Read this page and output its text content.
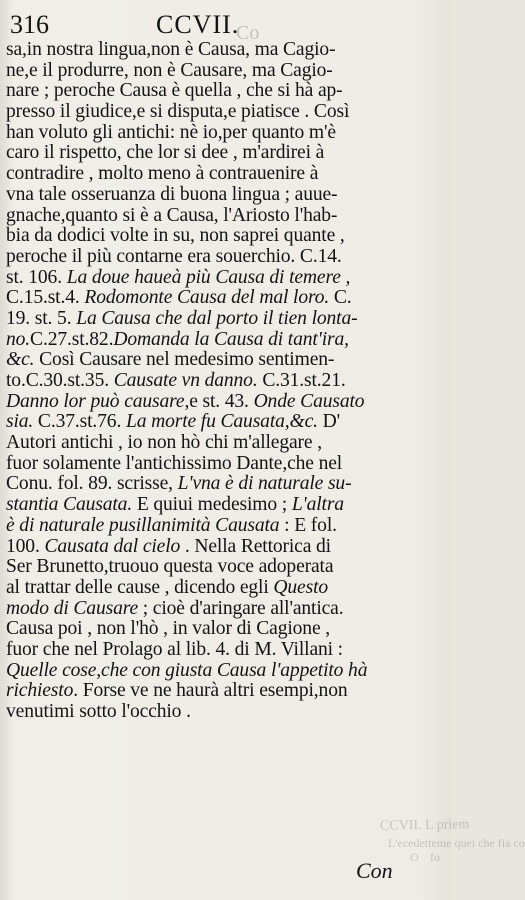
316	CCVII.
Co
sa,in nostra lingua,non è Causa, ma Cagio-
ne,e il produrre, non è Causare, ma Cagio-
nare ; peroche Causa è quella , che si hà ap-
presso il giudice,e si disputa,e piatisce . Così
han voluto gli antichi: nè io,per quanto m'è
caro il rispetto, che lor si dee , m'ardirei à
contradire , molto meno à contrauenire à
vna tale osseruanza di buona lingua ; auue-
gnache,quanto si è a Causa, l'Ariosto l'hab-
bia da dodici volte in su, non saprei quante ,
peroche il più contarne era souerchio. C.14.
st. 106. La doue haueà più Causa di temere ,
C.15.st.4. Rodomonte Causa del mal loro. C.
19. st. 5. La Causa che dal porto il tien lonta-
no.C.27.st.82.Domanda la Causa di tant'ira,
&c. Così Causare nel medesimo sentimen-
to.C.30.st.35. Causate vn danno. C.31.st.21.
Danno lor può causare,e st. 43. Onde Causato
sia. C.37.st.76. La morte fu Causata,&c. D'
Autori antichi , io non hò chi m'allegare ,
fuor solamente l'antichissimo Dante,che nel
Conu. fol. 89. scrisse, L'vna è di naturale su-
stantia Causata. E quiui medesimo ; L'altra
è di naturale pusillanimità Causata : E fol.
100. Causata dal cielo . Nella Rettorica di
Ser Brunetto,truouo questa voce adoperata
al trattar delle cause , dicendo egli Questo
modo di Causare ; cioè d'aringare all'antica.
Causa poi , non l'hò , in valor di Cagione ,
fuor che nel Prolago al lib. 4. di M. Villani :
Quelle cose,che con giusta Causa l'appetito hà
richiesto. Forse ve ne haurà altri esempi,non
venutimi sotto l'occhio .
CCVII. L priem
L'ecedetteme quei che fia co
O fo
Con
